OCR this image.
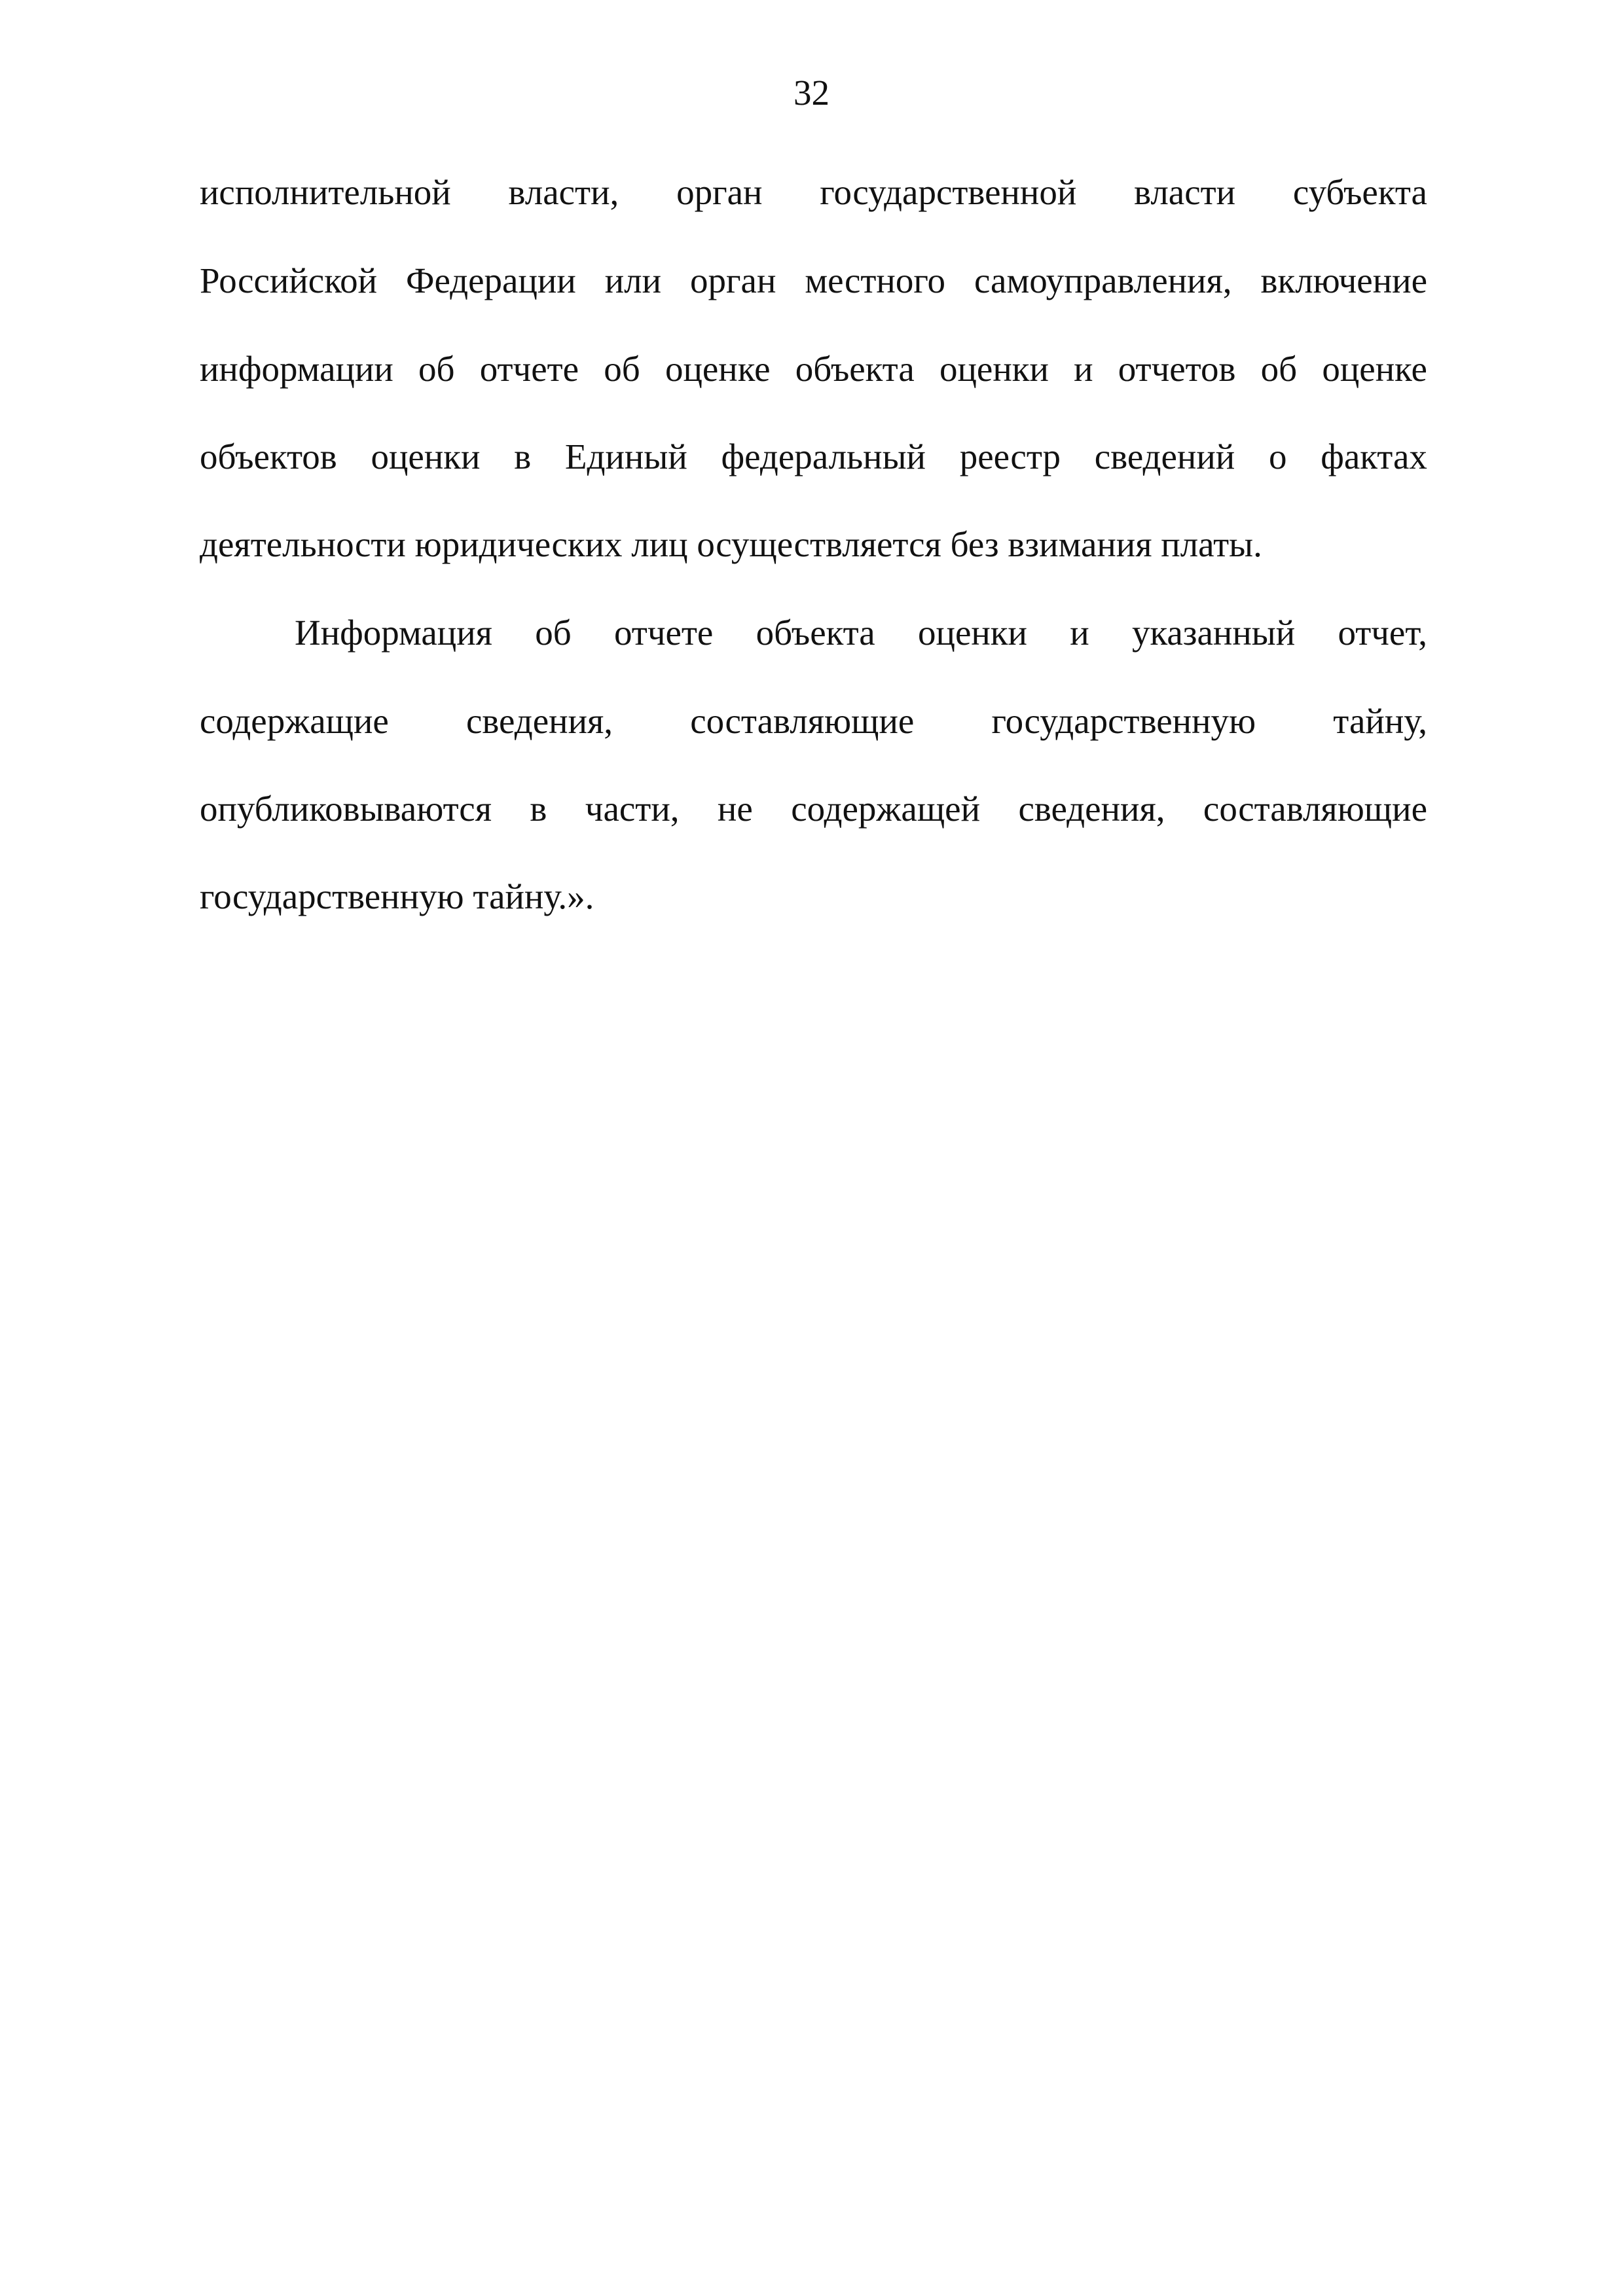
32
исполнительной власти, орган государственной власти субъекта
Российской Федерации или орган местного самоуправления, включение
информации об отчете об оценке объекта оценки и отчетов об оценке
объектов оценки в Единый федеральный реестр сведений о фактах
деятельности юридических лиц осуществляется без взимания платы.
Информация об отчете объекта оценки и указанный отчет,
содержащие сведения, составляющие государственную тайну,
опубликовываются в части, не содержащей сведения, составляющие
государственную тайну.».
